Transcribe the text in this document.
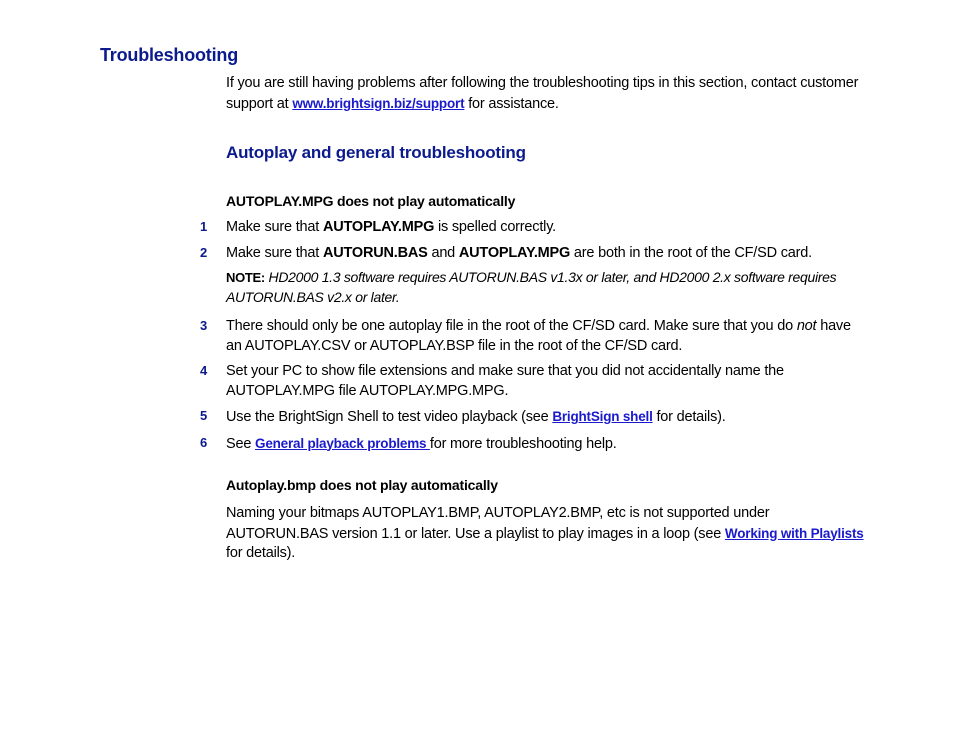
Troubleshooting

If you are still having problems after following the troubleshooting tips in this section, contact customer support at www.brightsign.biz/support for assistance.

Autoplay and general troubleshooting
AUTOPLAY.MPG does not play automatically
1 Make sure that AUTOPLAY.MPG is spelled correctly.

2 Make sure that AUTORUN.BAS and AUTOPLAY.MPG are both in the root of the CF/SD card.

NOTE: HD2000 1.3 software requires AUTORUN.BAS v1.3x or later, and HD2000 2.x software requires AUTORUN.BAS v2.x or later.

3 There should only be one autoplay file in the root of the CF/SD card. Make sure that you do not have an AUTOPLAY.CSV or AUTOPLAY.BSP file in the root of the CF/SD card.

4 Set your PC to show file extensions and make sure that you did not accidentally name the AUTOPLAY.MPG file AUTOPLAY.MPG.MPG.

5 Use the BrightSign Shell to test video playback (see BrightSign shell for details).

6 See General playback problems for more troubleshooting help.

Autoplay.bmp does not play automatically

Naming your bitmaps AUTOPLAY1.BMP, AUTOPLAY2.BMP, etc is not supported under AUTORUN.BAS version 1.1 or later. Use a playlist to play images in a loop (see Working with Playlists for details).
